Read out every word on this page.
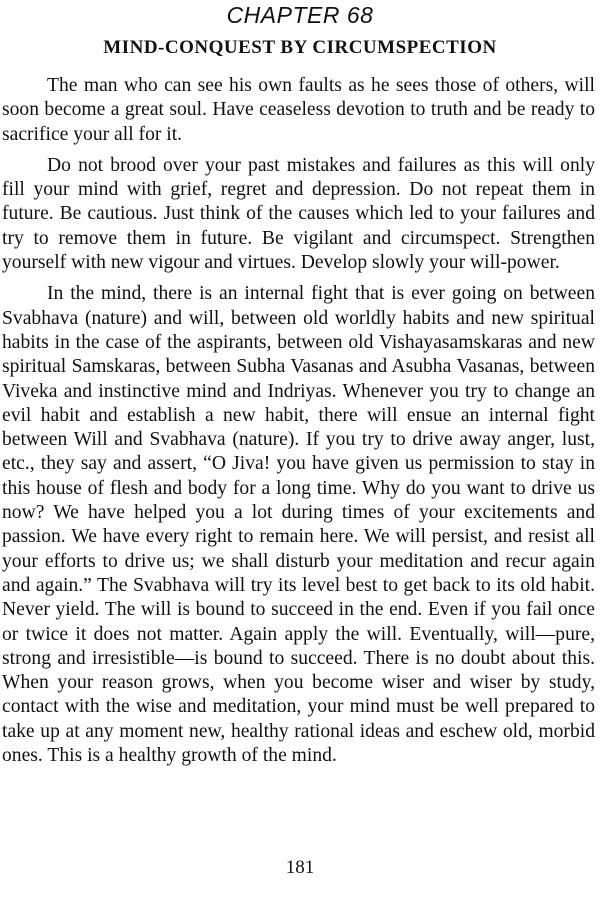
CHAPTER 68
MIND-CONQUEST BY CIRCUMSPECTION

The man who can see his own faults as he sees those of others, will soon become a great soul. Have ceaseless devotion to truth and be ready to sacrifice your all for it.

Do not brood over your past mistakes and failures as this will only fill your mind with grief, regret and depression. Do not repeat them in future. Be cautious. Just think of the causes which led to your failures and try to remove them in future. Be vigilant and circumspect. Strengthen yourself with new vigour and virtues. Develop slowly your will-power.

In the mind, there is an internal fight that is ever going on between Svabhava (nature) and will, between old worldly habits and new spiritual habits in the case of the aspirants, between old Vishayasamskaras and new spiritual Samskaras, between Subha Vasanas and Asubha Vasanas, between Viveka and instinctive mind and Indriyas. Whenever you try to change an evil habit and establish a new habit, there will ensue an internal fight between Will and Svabhava (nature). If you try to drive away anger, lust, etc., they say and assert, “O Jiva! you have given us permission to stay in this house of flesh and body for a long time. Why do you want to drive us now? We have helped you a lot during times of your excitements and passion. We have every right to remain here. We will persist, and resist all your efforts to drive us; we shall disturb your meditation and recur again and again.” The Svabhava will try its level best to get back to its old habit. Never yield. The will is bound to succeed in the end. Even if you fail once or twice it does not matter. Again apply the will. Eventually, will—pure, strong and irresistible—is bound to succeed. There is no doubt about this. When your reason grows, when you become wiser and wiser by study, contact with the wise and meditation, your mind must be well prepared to take up at any moment new, healthy rational ideas and eschew old, morbid ones. This is a healthy growth of the mind.

181
